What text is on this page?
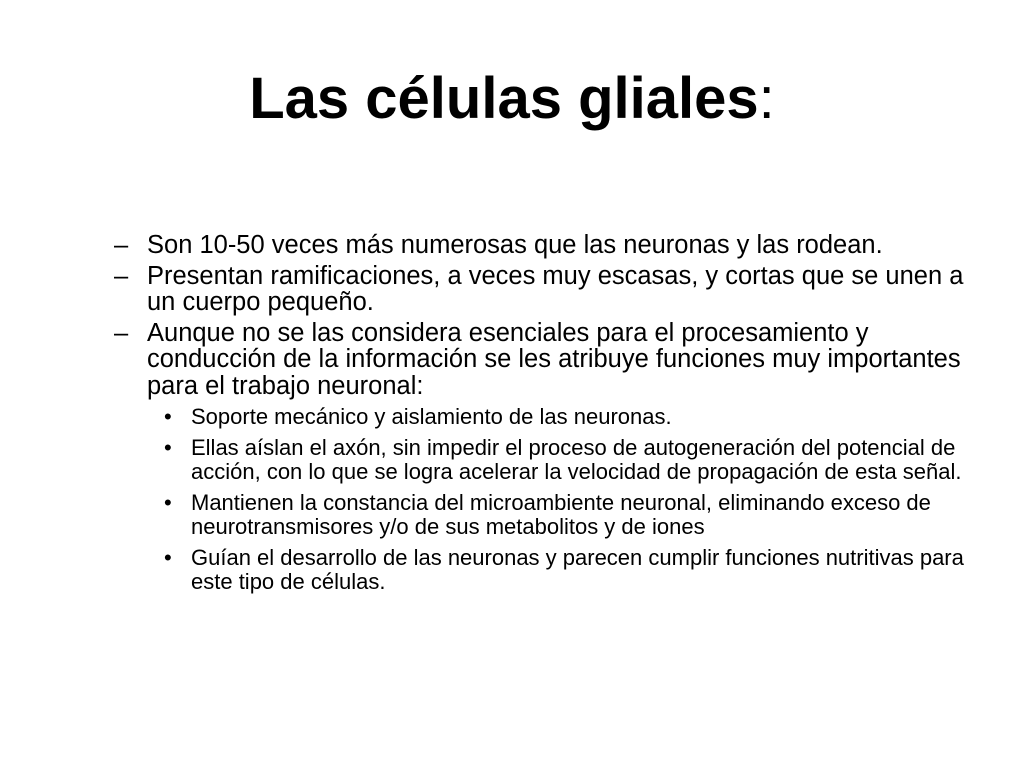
Las células gliales:
– Son 10-50 veces más numerosas que las neuronas y las rodean.
– Presentan ramificaciones, a veces muy escasas, y cortas que se unen a un cuerpo pequeño.
– Aunque no se las considera esenciales para el procesamiento y conducción de la información se les atribuye funciones muy importantes para el trabajo neuronal:
• Soporte mecánico y aislamiento de las neuronas.
• Ellas aíslan el axón, sin impedir el proceso de autogeneración del potencial de acción, con lo que se logra acelerar la velocidad de propagación de esta señal.
• Mantienen la constancia del microambiente neuronal, eliminando exceso de neurotransmisores y/o de sus metabolitos y de iones
• Guían el desarrollo de las neuronas y parecen cumplir funciones nutritivas para este tipo de células.
